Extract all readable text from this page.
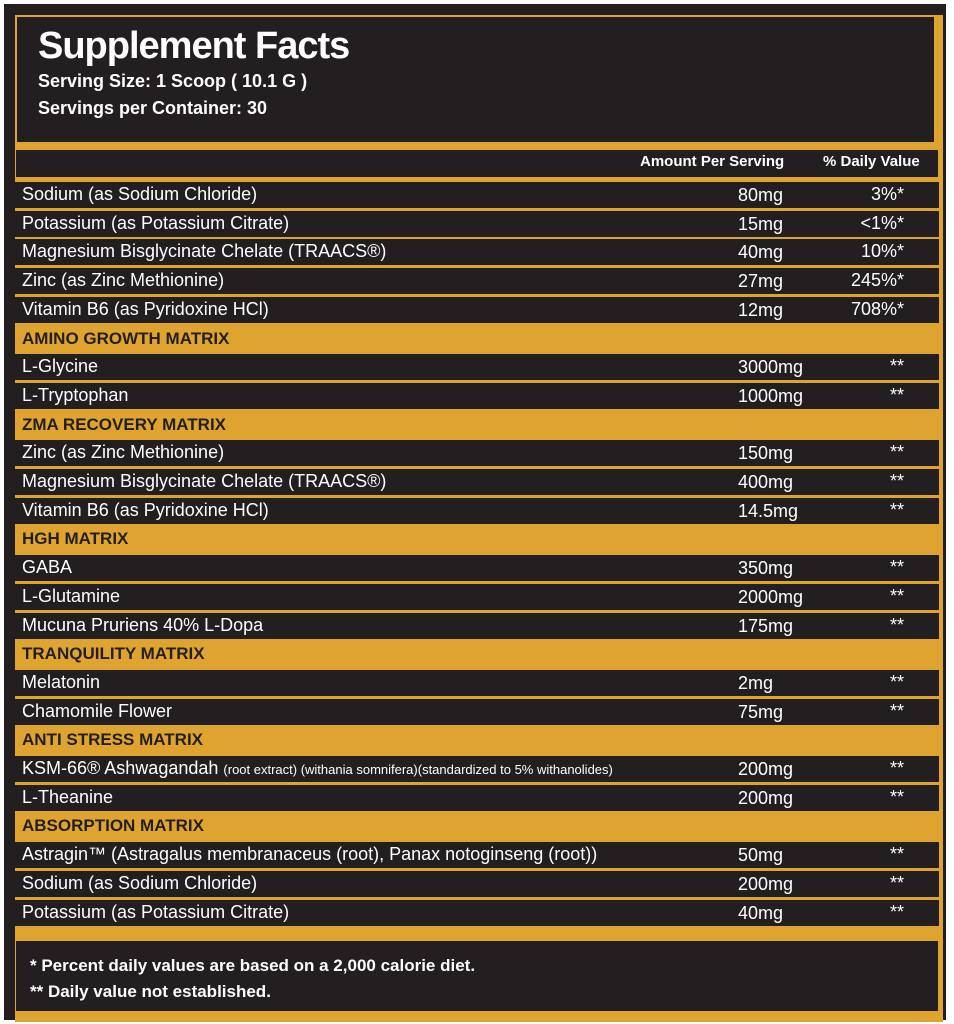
Supplement Facts
Serving Size: 1 Scoop ( 10.1 G )
Servings per Container: 30
Amount Per Serving	% Daily Value
Sodium (as Sodium Chloride)	80mg	3%*
Potassium (as Potassium Citrate)	15mg	<1%*
Magnesium Bisglycinate Chelate (TRAACS®)	40mg	10%*
Zinc (as Zinc Methionine)	27mg	245%*
Vitamin B6 (as Pyridoxine HCl)	12mg	708%*
AMINO GROWTH MATRIX
L-Glycine	3000mg	**
L-Tryptophan	1000mg	**
ZMA RECOVERY MATRIX
Zinc (as Zinc Methionine)	150mg	**
Magnesium Bisglycinate Chelate (TRAACS®)	400mg	**
Vitamin B6 (as Pyridoxine HCl)	14.5mg	**
HGH MATRIX
GABA	350mg	**
L-Glutamine	2000mg	**
Mucuna Pruriens 40% L-Dopa	175mg	**
TRANQUILITY MATRIX
Melatonin	2mg	**
Chamomile Flower	75mg	**
ANTI STRESS MATRIX
KSM-66® Ashwagandah (root extract) (withania somnifera)(standardized to 5% withanolides)	200mg	**
L-Theanine	200mg	**
ABSORPTION MATRIX
Astragin™ (Astragalus membranaceus (root), Panax notoginseng (root))	50mg	**
Sodium (as Sodium Chloride)	200mg	**
Potassium (as Potassium Citrate)	40mg	**
* Percent daily values are based on a 2,000 calorie diet.
** Daily value not established.
